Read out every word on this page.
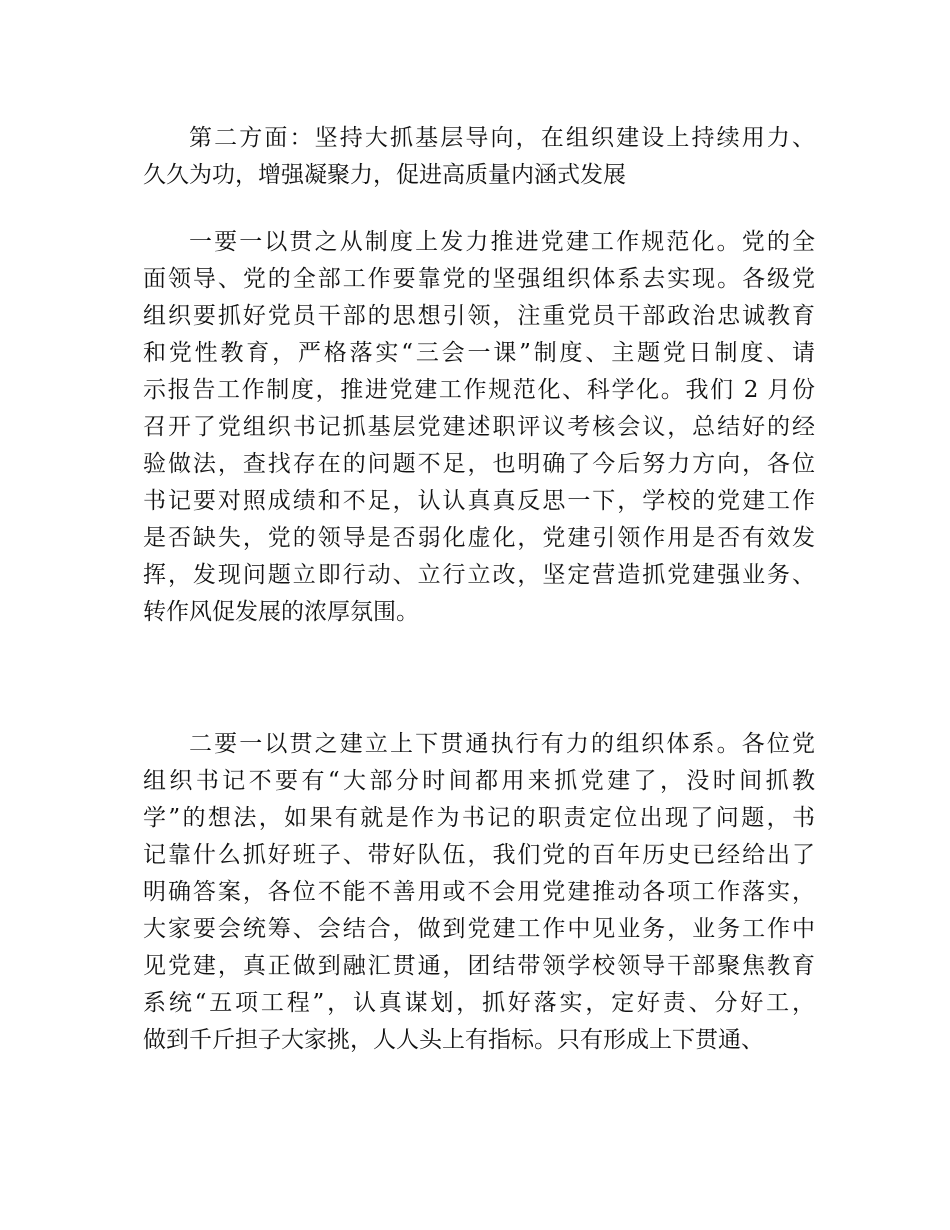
第二方面：坚持大抓基层导向，在组织建设上持续用力、
久久为功，增强凝聚力，促进高质量内涵式发展
一要一以贯之从制度上发力推进党建工作规范化。党的全
面领导、党的全部工作要靠党的坚强组织体系去实现。各级党
组织要抓好党员干部的思想引领，注重党员干部政治忠诚教育
和党性教育，严格落实“三会一课”制度、主题党日制度、请
示报告工作制度，推进党建工作规范化、科学化。我们 2 月份
召开了党组织书记抓基层党建述职评议考核会议，总结好的经
验做法，查找存在的问题不足，也明确了今后努力方向，各位
书记要对照成绩和不足，认认真真反思一下，学校的党建工作
是否缺失，党的领导是否弱化虚化，党建引领作用是否有效发
挥，发现问题立即行动、立行立改，坚定营造抓党建强业务、
转作风促发展的浓厚氛围。
二要一以贯之建立上下贯通执行有力的组织体系。各位党
组织书记不要有“大部分时间都用来抓党建了，没时间抓教
学”的想法，如果有就是作为书记的职责定位出现了问题，书
记靠什么抓好班子、带好队伍，我们党的百年历史已经给出了
明确答案，各位不能不善用或不会用党建推动各项工作落实，
大家要会统筹、会结合，做到党建工作中见业务，业务工作中
见党建，真正做到融汇贯通，团结带领学校领导干部聚焦教育
系统“五项工程”，认真谋划，抓好落实，定好责、分好工，
做到千斤担子大家挑，人人头上有指标。只有形成上下贯通、
